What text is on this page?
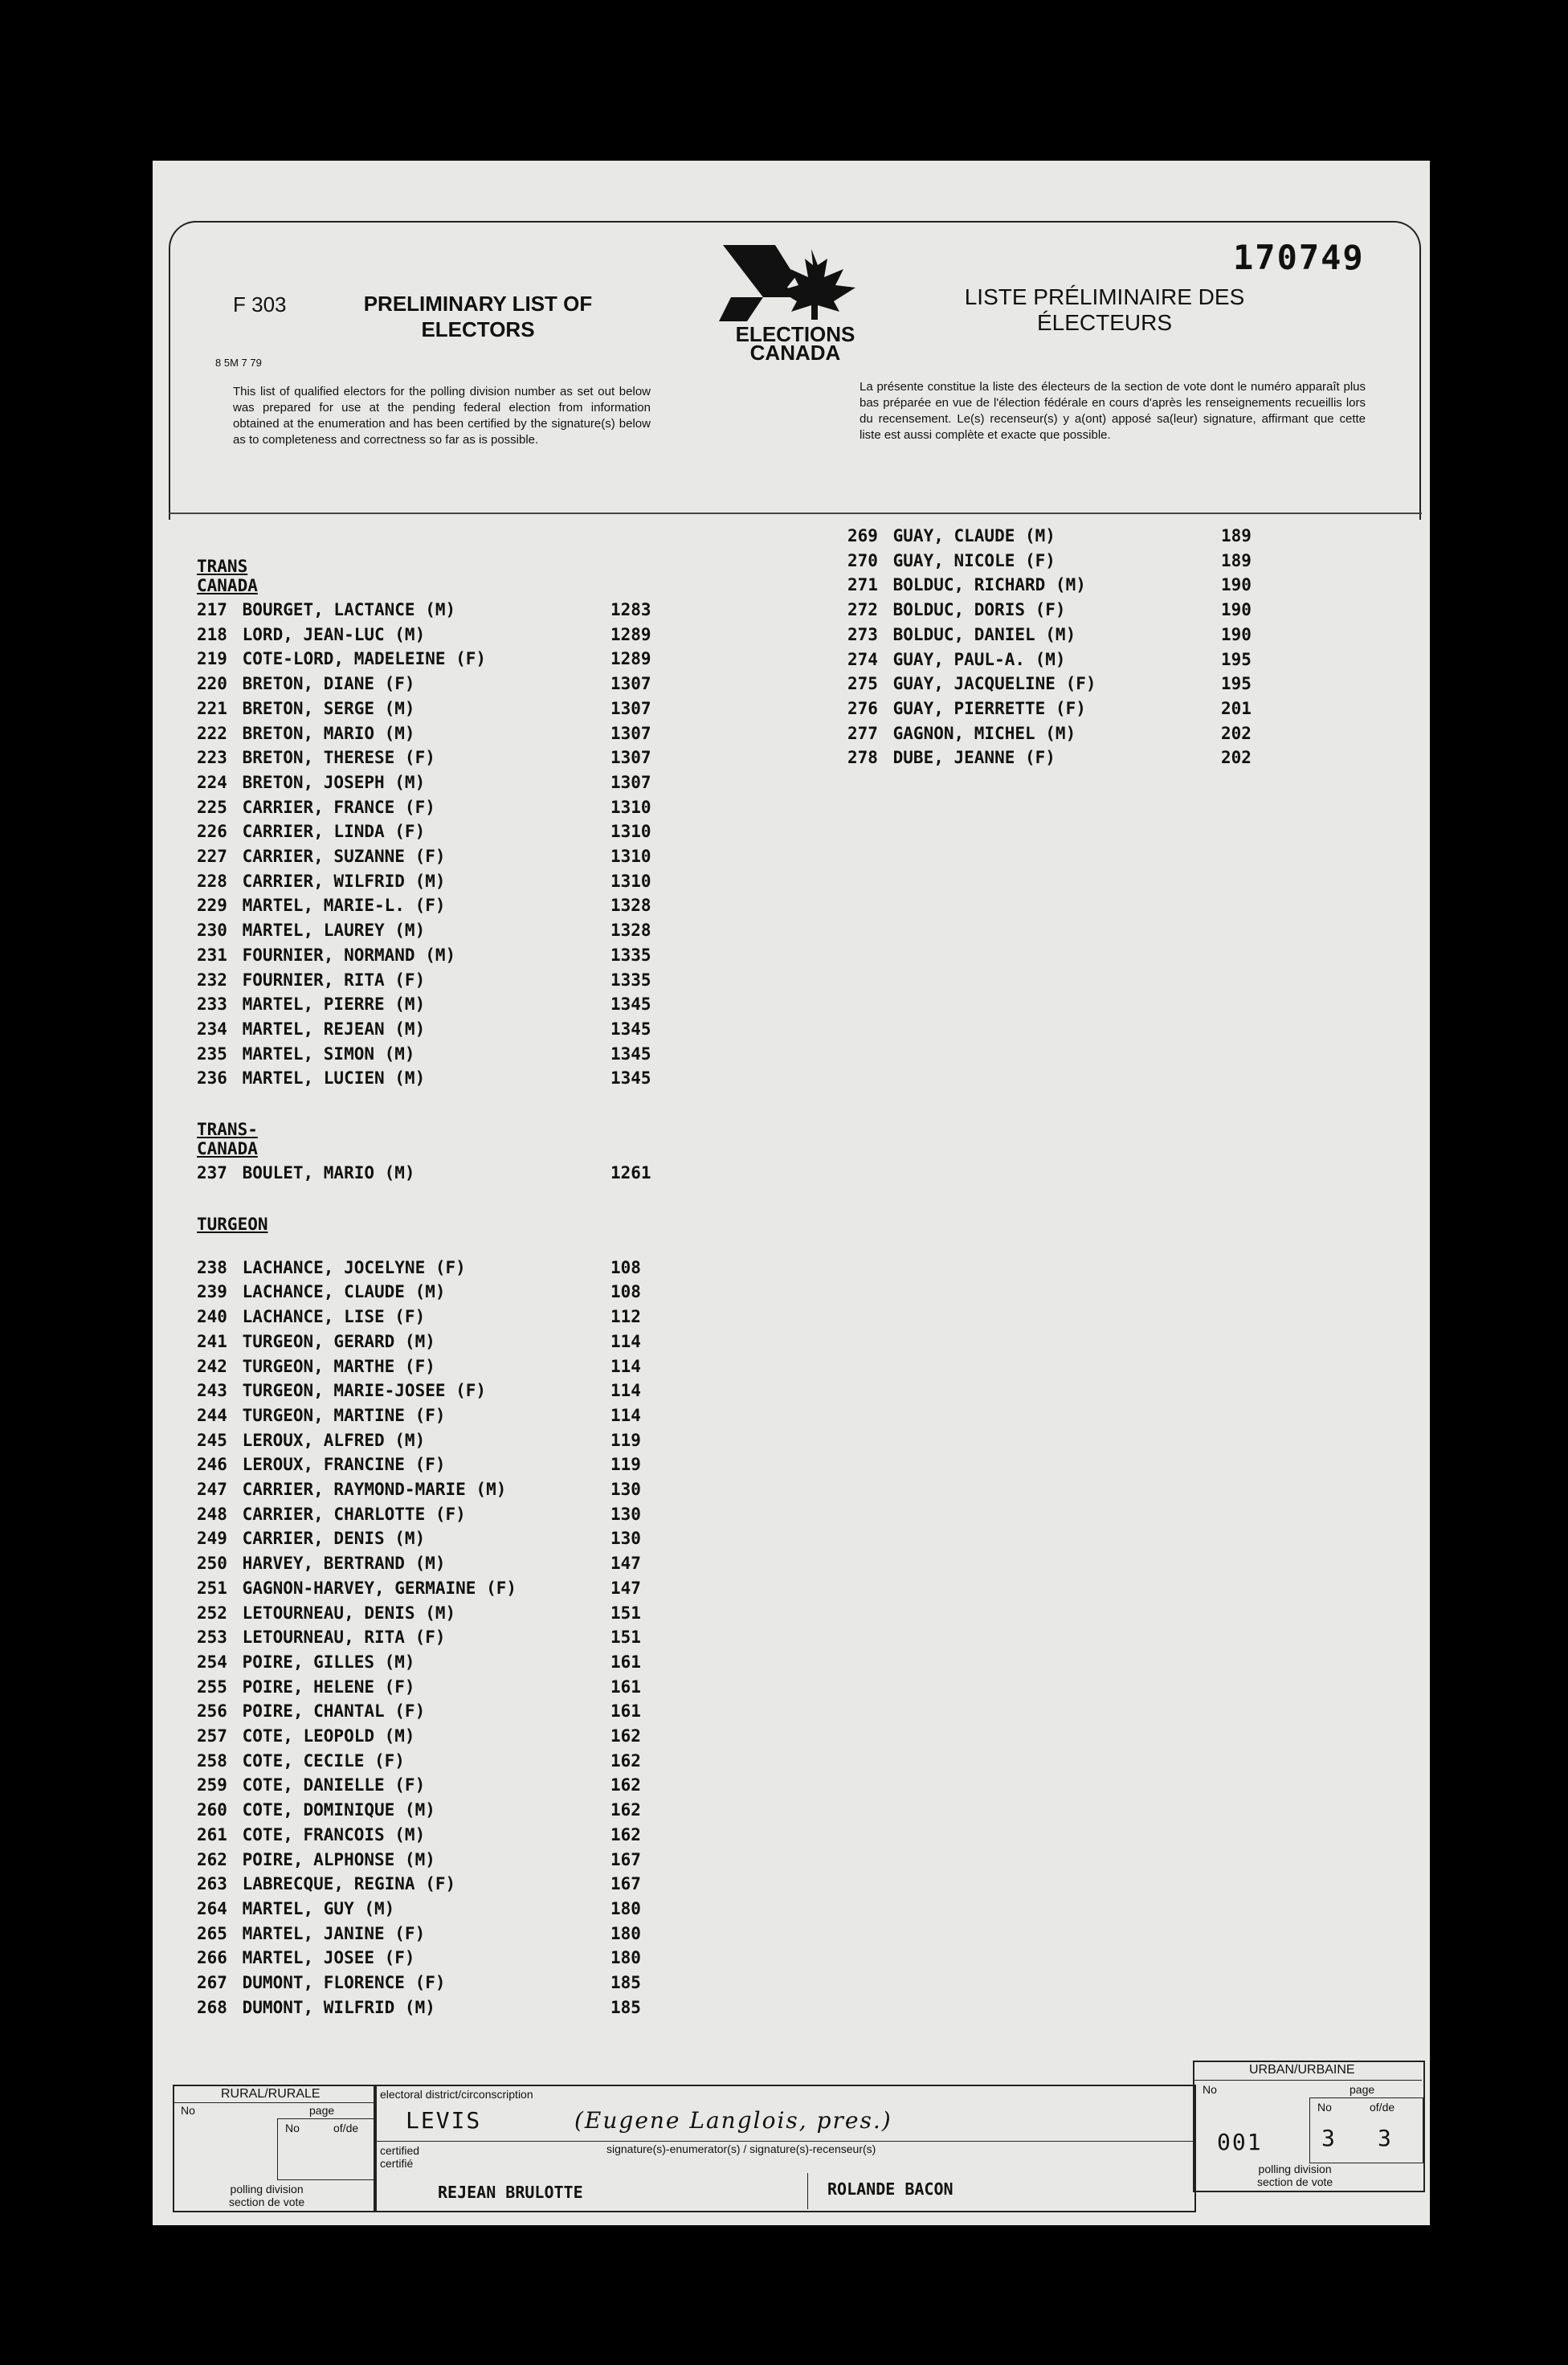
F 303
8 5M 7 79
PRELIMINARY LIST OF
ELECTORS	ELECTIONS
CANADA
LISTE PRÉLIMINAIRE DES
ÉLECTEURS
170749
This list of qualified electors for the polling division number as set out below was prepared for use at the pending federal election from information obtained at the enumeration and has been certified by the signature(s) below as to completeness and correctness so far as is possible.
La présente constitue la liste des électeurs de la section de vote dont le numéro apparaît plus bas préparée en vue de l'élection fédérale en cours d'après les renseignements recueillis lors du recensement. Le(s) recenseur(s) y a(ont) apposé sa(leur) signature, affirmant que cette liste est aussi complète et exacte que possible.
TRANS CANADA
217 BOURGET, LACTANCE (M)	1283
218 LORD, JEAN-LUC (M)	1289
219 COTE-LORD, MADELEINE (F)	1289
220 BRETON, DIANE (F)	1307
221 BRETON, SERGE (M)	1307
222 BRETON, MARIO (M)	1307
223 BRETON, THERESE (F)	1307
224 BRETON, JOSEPH (M)	1307
225 CARRIER, FRANCE (F)	1310
226 CARRIER, LINDA (F)	1310
227 CARRIER, SUZANNE (F)	1310
228 CARRIER, WILFRID (M)	1310
229 MARTEL, MARIE-L. (F)	1328
230 MARTEL, LAUREY (M)	1328
231 FOURNIER, NORMAND (M)	1335
232 FOURNIER, RITA (F)	1335
233 MARTEL, PIERRE (M)	1345
234 MARTEL, REJEAN (M)	1345
235 MARTEL, SIMON (M)	1345
236 MARTEL, LUCIEN (M)	1345
TRANS-CANADA
237 BOULET, MARIO (M)	1261
TURGEON
238 LACHANCE, JOCELYNE (F)	108
239 LACHANCE, CLAUDE (M)	108
240 LACHANCE, LISE (F)	112
241 TURGEON, GERARD (M)	114
242 TURGEON, MARTHE (F)	114
243 TURGEON, MARIE-JOSEE (F)	114
244 TURGEON, MARTINE (F)	114
245 LEROUX, ALFRED (M)	119
246 LEROUX, FRANCINE (F)	119
247 CARRIER, RAYMOND-MARIE (M)	130
248 CARRIER, CHARLOTTE (F)	130
249 CARRIER, DENIS (M)	130
250 HARVEY, BERTRAND (M)	147
251 GAGNON-HARVEY, GERMAINE (F)	147
252 LETOURNEAU, DENIS (M)	151
253 LETOURNEAU, RITA (F)	151
254 POIRE, GILLES (M)	161
255 POIRE, HELENE (F)	161
256 POIRE, CHANTAL (F)	161
257 COTE, LEOPOLD (M)	162
258 COTE, CECILE (F)	162
259 COTE, DANIELLE (F)	162
260 COTE, DOMINIQUE (M)	162
261 COTE, FRANCOIS (M)	162
262 POIRE, ALPHONSE (M)	167
263 LABRECQUE, REGINA (F)	167
264 MARTEL, GUY (M)	180
265 MARTEL, JANINE (F)	180
266 MARTEL, JOSEE (F)	180
267 DUMONT, FLORENCE (F)	185
268 DUMONT, WILFRID (M)	185
269 GUAY, CLAUDE (M)	189
270 GUAY, NICOLE (F)	189
271 BOLDUC, RICHARD (M)	190
272 BOLDUC, DORIS (F)	190
273 BOLDUC, DANIEL (M)	190
274 GUAY, PAUL-A. (M)	195
275 GUAY, JACQUELINE (F)	195
276 GUAY, PIERRETTE (F)	201
277 GAGNON, MICHEL (M)	202
278 DUBE, JEANNE (F)	202
RURAL/RURALE
No	page
No	of/de
polling division
section de vote
electoral district/circonscription
LEVIS	(Eugene Langlois, pres.)
certified
certifié
signature(s)-enumerator(s) / signature(s)-recenseur(s)
REJEAN BRULOTTE	ROLANDE BACON
URBAN/URBAINE
No	page
No	of/de
001	3 3
polling division
section de vote
